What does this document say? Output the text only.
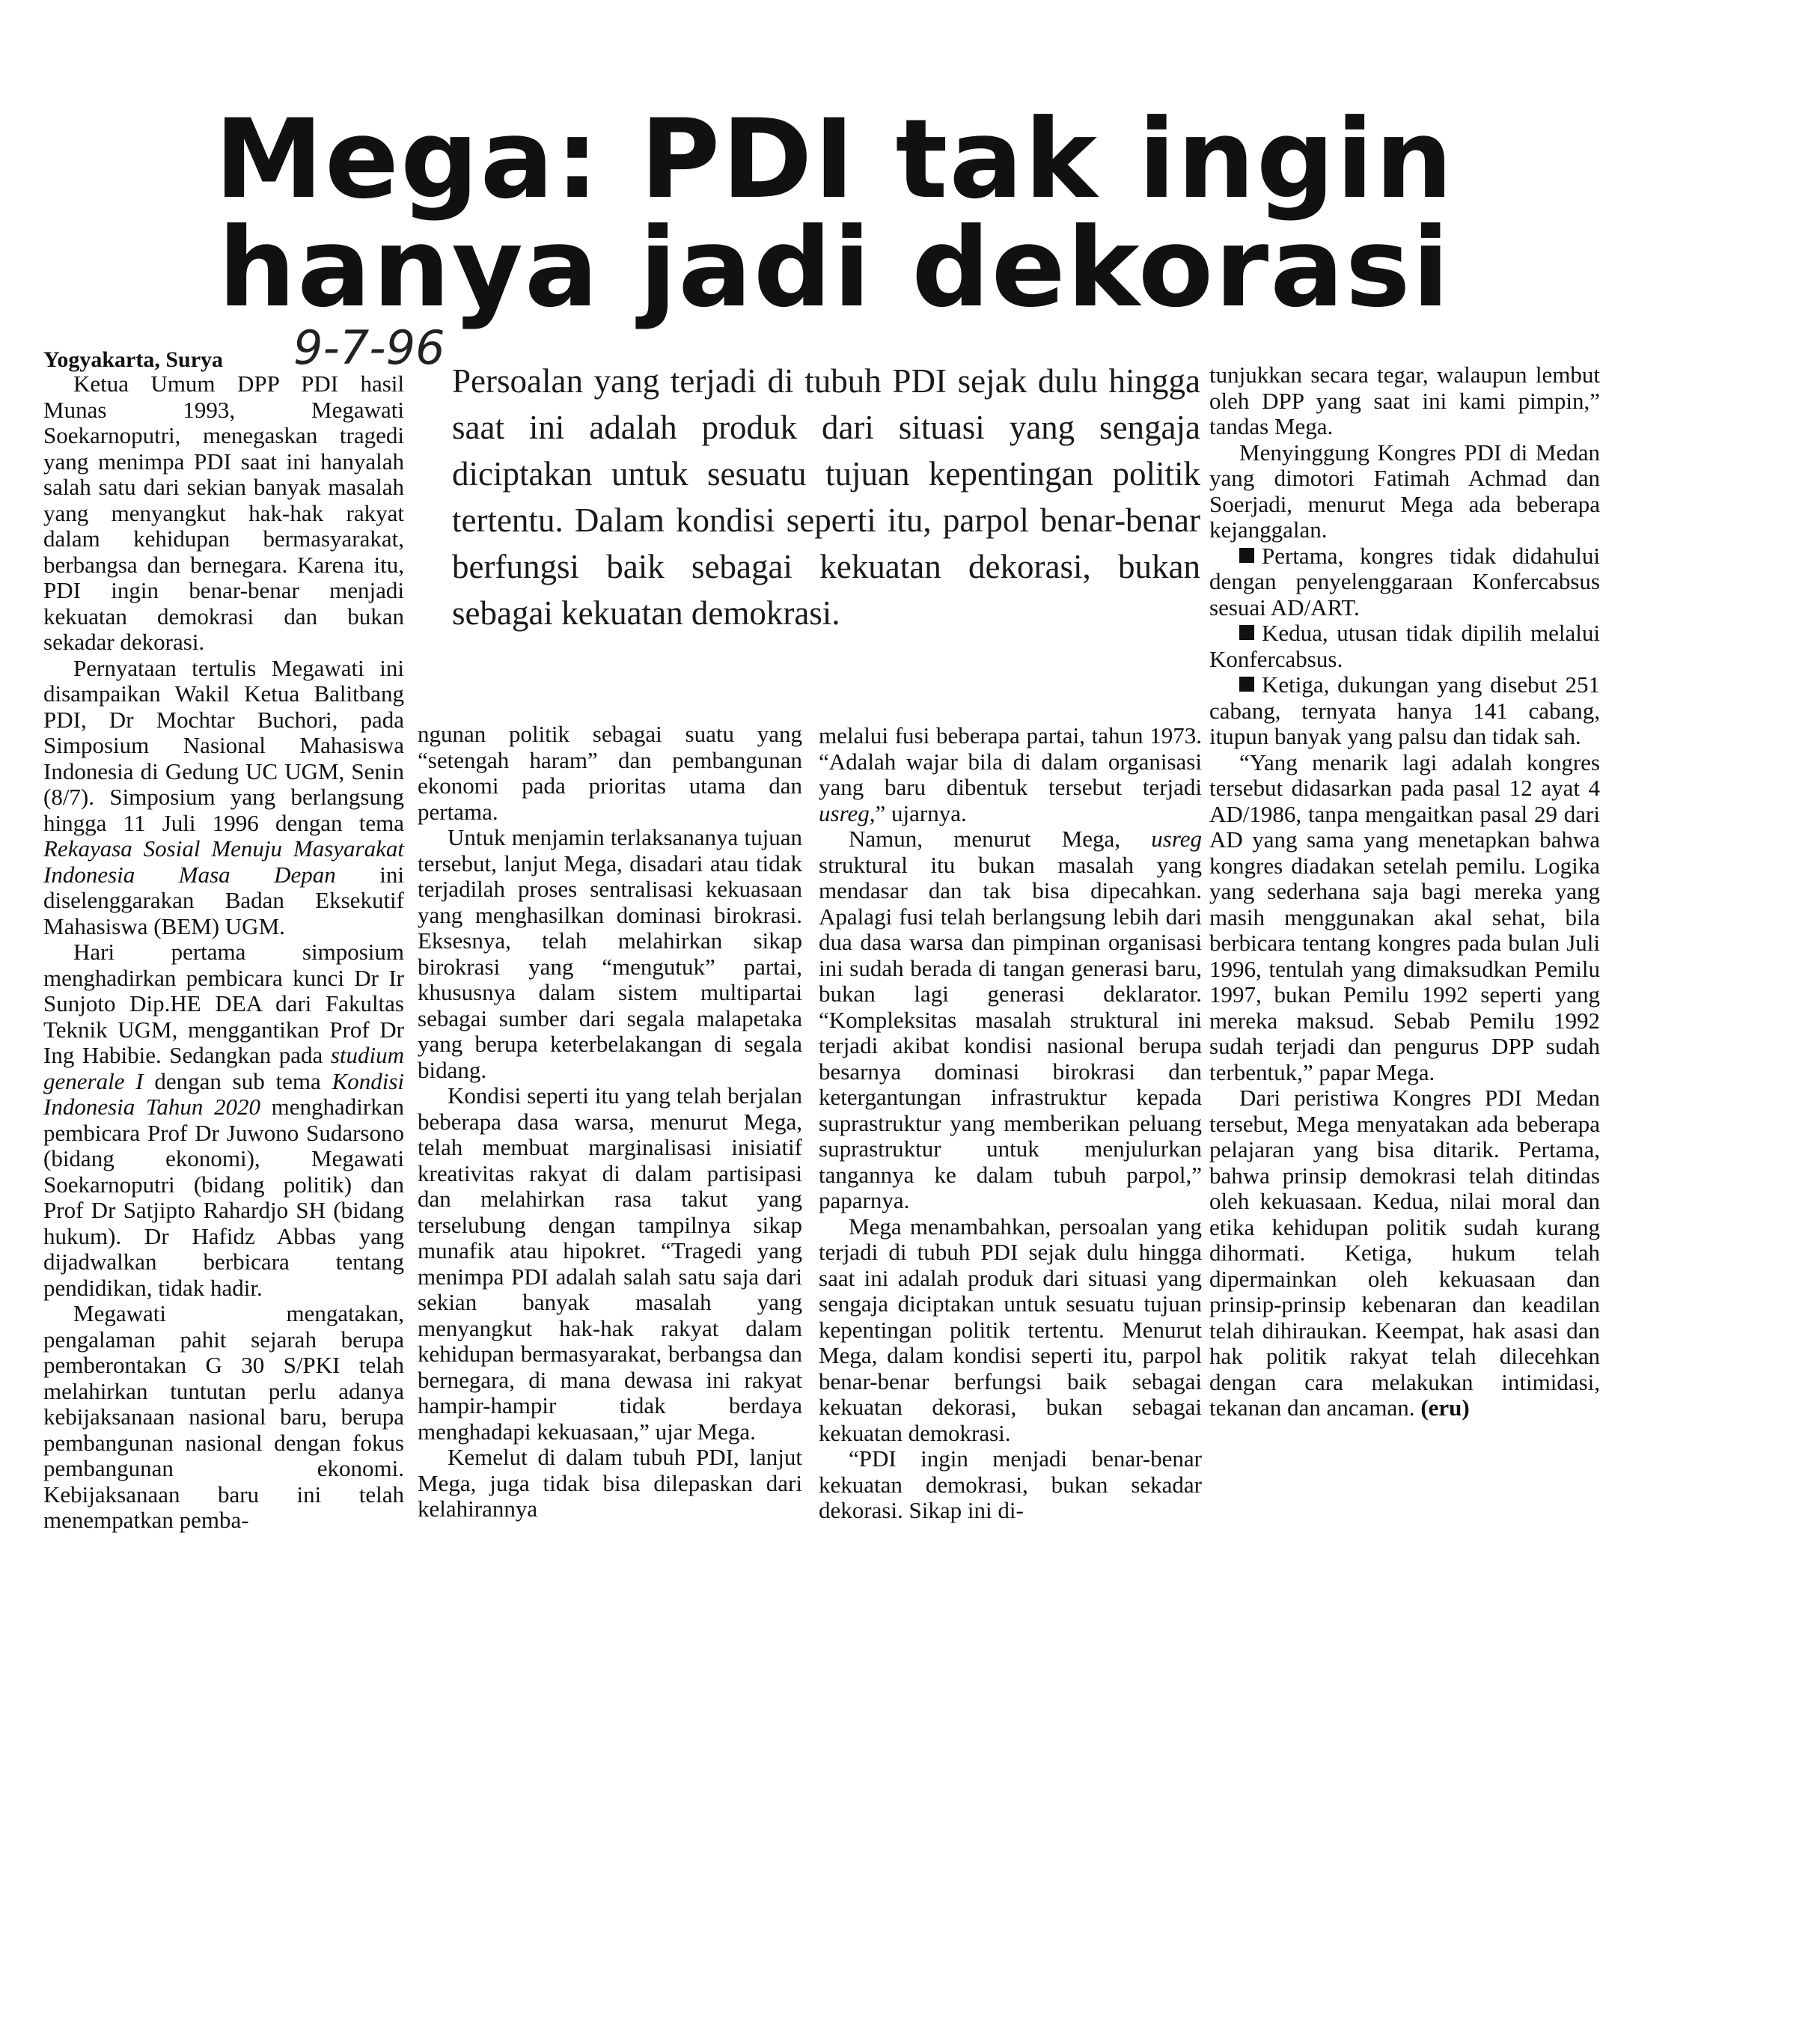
Mega: PDI tak ingin
hanya jadi dekorasi
Yogyakarta, Surya 9-7-96
Persoalan yang terjadi di tubuh PDI sejak dulu hingga saat ini adalah produk dari situasi yang sengaja diciptakan untuk sesuatu tujuan kepentingan politik tertentu. Dalam kondisi seperti itu, parpol benar-benar berfungsi baik sebagai kekuatan dekorasi, bukan sebagai kekuatan demokrasi.

Ketua Umum DPP PDI hasil Munas 1993, Megawati Soekarnoputri, menegaskan tragedi yang menimpa PDI saat ini hanyalah salah satu dari sekian banyak masalah yang menyangkut hak-hak rakyat dalam kehidupan bermasyarakat, berbangsa dan bernegara. Karena itu, PDI ingin benar-benar menjadi kekuatan demokrasi dan bukan sekadar dekorasi.

Pernyataan tertulis Megawati ini disampaikan Wakil Ketua Balitbang PDI, Dr Mochtar Buchori, pada Simposium Nasional Mahasiswa Indonesia di Gedung UC UGM, Senin (8/7). Simposium yang berlangsung hingga 11 Juli 1996 dengan tema Rekayasa Sosial Menuju Masyarakat Indonesia Masa Depan ini diselenggarakan Badan Eksekutif Mahasiswa (BEM) UGM.

Hari pertama simposium menghadirkan pembicara kunci Dr Ir Sunjoto Dip.HE DEA dari Fakultas Teknik UGM, menggantikan Prof Dr Ing Habibie. Sedangkan pada studium generale I dengan sub tema Kondisi Indonesia Tahun 2020 menghadirkan pembicara Prof Dr Juwono Sudarsono (bidang ekonomi), Megawati Soekarnoputri (bidang politik) dan Prof Dr Satjipto Rahardjo SH (bidang hukum). Dr Hafidz Abbas yang dijadwalkan berbicara tentang pendidikan, tidak hadir.

Megawati mengatakan, pengalaman pahit sejarah berupa pemberontakan G 30 S/PKI telah melahirkan tuntutan perlu adanya kebijaksanaan nasional baru, berupa pembangunan nasional dengan fokus pembangunan ekonomi. Kebijaksanaan baru ini telah menempatkan pemba-

ngunan politik sebagai suatu yang “setengah haram” dan pembangunan ekonomi pada prioritas utama dan pertama.

Untuk menjamin terlaksananya tujuan tersebut, lanjut Mega, disadari atau tidak terjadilah proses sentralisasi kekuasaan yang menghasilkan dominasi birokrasi. Eksesnya, telah melahirkan sikap birokrasi yang “mengutuk” partai, khususnya dalam sistem multipartai sebagai sumber dari segala malapetaka yang berupa keterbelakangan di segala bidang.

Kondisi seperti itu yang telah berjalan beberapa dasa warsa, menurut Mega, telah membuat marginalisasi inisiatif kreativitas rakyat di dalam partisipasi dan melahirkan rasa takut yang terselubung dengan tampilnya sikap munafik atau hipokret. “Tragedi yang menimpa PDI adalah salah satu saja dari sekian banyak masalah yang menyangkut hak-hak rakyat dalam kehidupan bermasyarakat, berbangsa dan bernegara, di mana dewasa ini rakyat hampir-hampir tidak berdaya menghadapi kekuasaan,” ujar Mega.

Kemelut di dalam tubuh PDI, lanjut Mega, juga tidak bisa dilepaskan dari kelahirannya

melalui fusi beberapa partai, tahun 1973. “Adalah wajar bila di dalam organisasi yang baru dibentuk tersebut terjadi usreg,” ujarnya.

Namun, menurut Mega, usreg struktural itu bukan masalah yang mendasar dan tak bisa dipecahkan. Apalagi fusi telah berlangsung lebih dari dua dasa warsa dan pimpinan organisasi ini sudah berada di tangan generasi baru, bukan lagi generasi deklarator. “Kompleksitas masalah struktural ini terjadi akibat kondisi nasional berupa besarnya dominasi birokrasi dan ketergantungan infrastruktur kepada suprastruktur yang memberikan peluang suprastruktur untuk menjulurkan tangannya ke dalam tubuh parpol,” paparnya.

Mega menambahkan, persoalan yang terjadi di tubuh PDI sejak dulu hingga saat ini adalah produk dari situasi yang sengaja diciptakan untuk sesuatu tujuan kepentingan politik tertentu. Menurut Mega, dalam kondisi seperti itu, parpol benar-benar berfungsi baik sebagai kekuatan dekorasi, bukan sebagai kekuatan demokrasi.

“PDI ingin menjadi benar-benar kekuatan demokrasi, bukan sekadar dekorasi. Sikap ini di-

tunjukkan secara tegar, walaupun lembut oleh DPP yang saat ini kami pimpin,” tandas Mega.

Menyinggung Kongres PDI di Medan yang dimotori Fatimah Achmad dan Soerjadi, menurut Mega ada beberapa kejanggalan.

Pertama, kongres tidak didahului dengan penyelenggaraan Konfercabsus sesuai AD/ART.

Kedua, utusan tidak dipilih melalui Konfercabsus.

Ketiga, dukungan yang disebut 251 cabang, ternyata hanya 141 cabang, itupun banyak yang palsu dan tidak sah.

“Yang menarik lagi adalah kongres tersebut didasarkan pada pasal 12 ayat 4 AD/1986, tanpa mengaitkan pasal 29 dari AD yang sama yang menetapkan bahwa kongres diadakan setelah pemilu. Logika yang sederhana saja bagi mereka yang masih menggunakan akal sehat, bila berbicara tentang kongres pada bulan Juli 1996, tentulah yang dimaksudkan Pemilu 1997, bukan Pemilu 1992 seperti yang mereka maksud. Sebab Pemilu 1992 sudah terjadi dan pengurus DPP sudah terbentuk,” papar Mega.

Dari peristiwa Kongres PDI Medan tersebut, Mega menyatakan ada beberapa pelajaran yang bisa ditarik. Pertama, bahwa prinsip demokrasi telah ditindas oleh kekuasaan. Kedua, nilai moral dan etika kehidupan politik sudah kurang dihormati. Ketiga, hukum telah dipermainkan oleh kekuasaan dan prinsip-prinsip kebenaran dan keadilan telah dihiraukan. Keempat, hak asasi dan hak politik rakyat telah dilecehkan dengan cara melakukan intimidasi, tekanan dan ancaman. (eru)
